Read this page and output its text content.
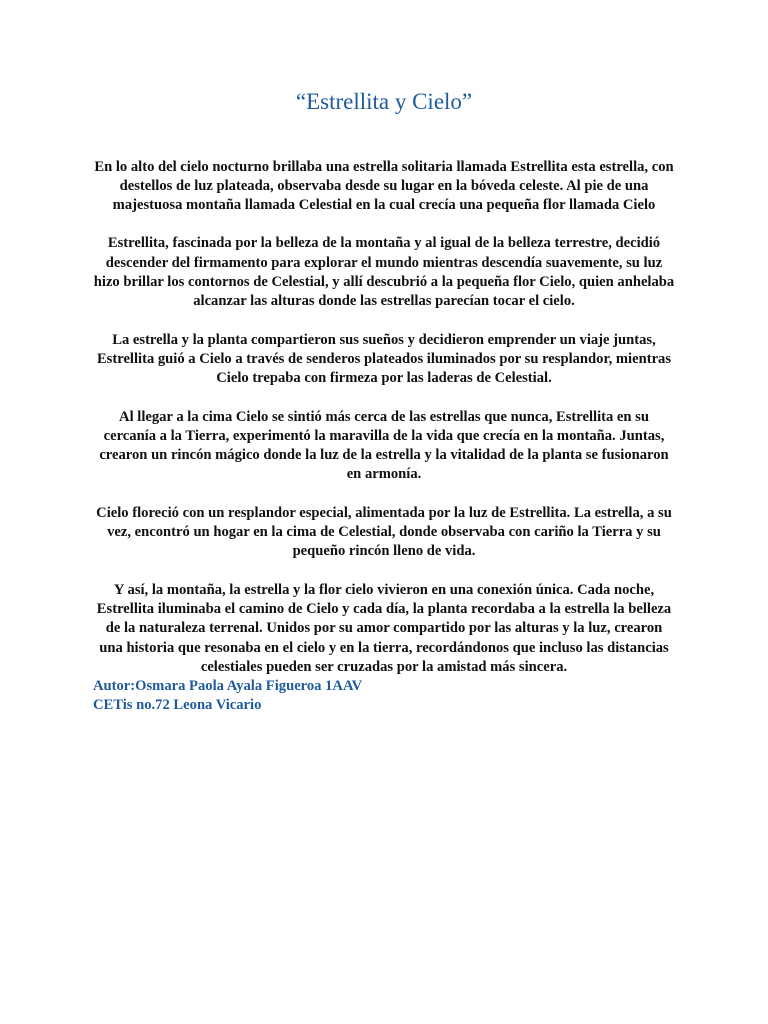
“Estrellita y Cielo”

En lo alto del cielo nocturno brillaba una estrella solitaria llamada Estrellita esta estrella, con destellos de luz plateada, observaba desde su lugar en la bóveda celeste. Al pie de una majestuosa montaña llamada Celestial en la cual crecía una pequeña flor llamada Cielo

Estrellita, fascinada por la belleza de la montaña y al igual de la belleza terrestre, decidió descender del firmamento para explorar el mundo mientras descendía suavemente, su luz hizo brillar los contornos de Celestial, y allí descubrió a la pequeña flor Cielo, quien anhelaba alcanzar las alturas donde las estrellas parecían tocar el cielo.

La estrella y la planta compartieron sus sueños y decidieron emprender un viaje juntas, Estrellita guió a Cielo a través de senderos plateados iluminados por su resplandor, mientras Cielo trepaba con firmeza por las laderas de Celestial.

Al llegar a la cima Cielo se sintió más cerca de las estrellas que nunca, Estrellita en su cercanía a la Tierra, experimentó la maravilla de la vida que crecía en la montaña. Juntas, crearon un rincón mágico donde la luz de la estrella y la vitalidad de la planta se fusionaron en armonía.

Cielo floreció con un resplandor especial, alimentada por la luz de Estrellita. La estrella, a su vez, encontró un hogar en la cima de Celestial, donde observaba con cariño la Tierra y su pequeño rincón lleno de vida.

Y así, la montaña, la estrella y la flor cielo vivieron en una conexión única. Cada noche, Estrellita iluminaba el camino de Cielo y cada día, la planta recordaba a la estrella la belleza de la naturaleza terrenal. Unidos por su amor compartido por las alturas y la luz, crearon una historia que resonaba en el cielo y en la tierra, recordándonos que incluso las distancias celestiales pueden ser cruzadas por la amistad más sincera.

Autor:Osmara Paola Ayala Figueroa 1AAV

CETis no.72 Leona Vicario
